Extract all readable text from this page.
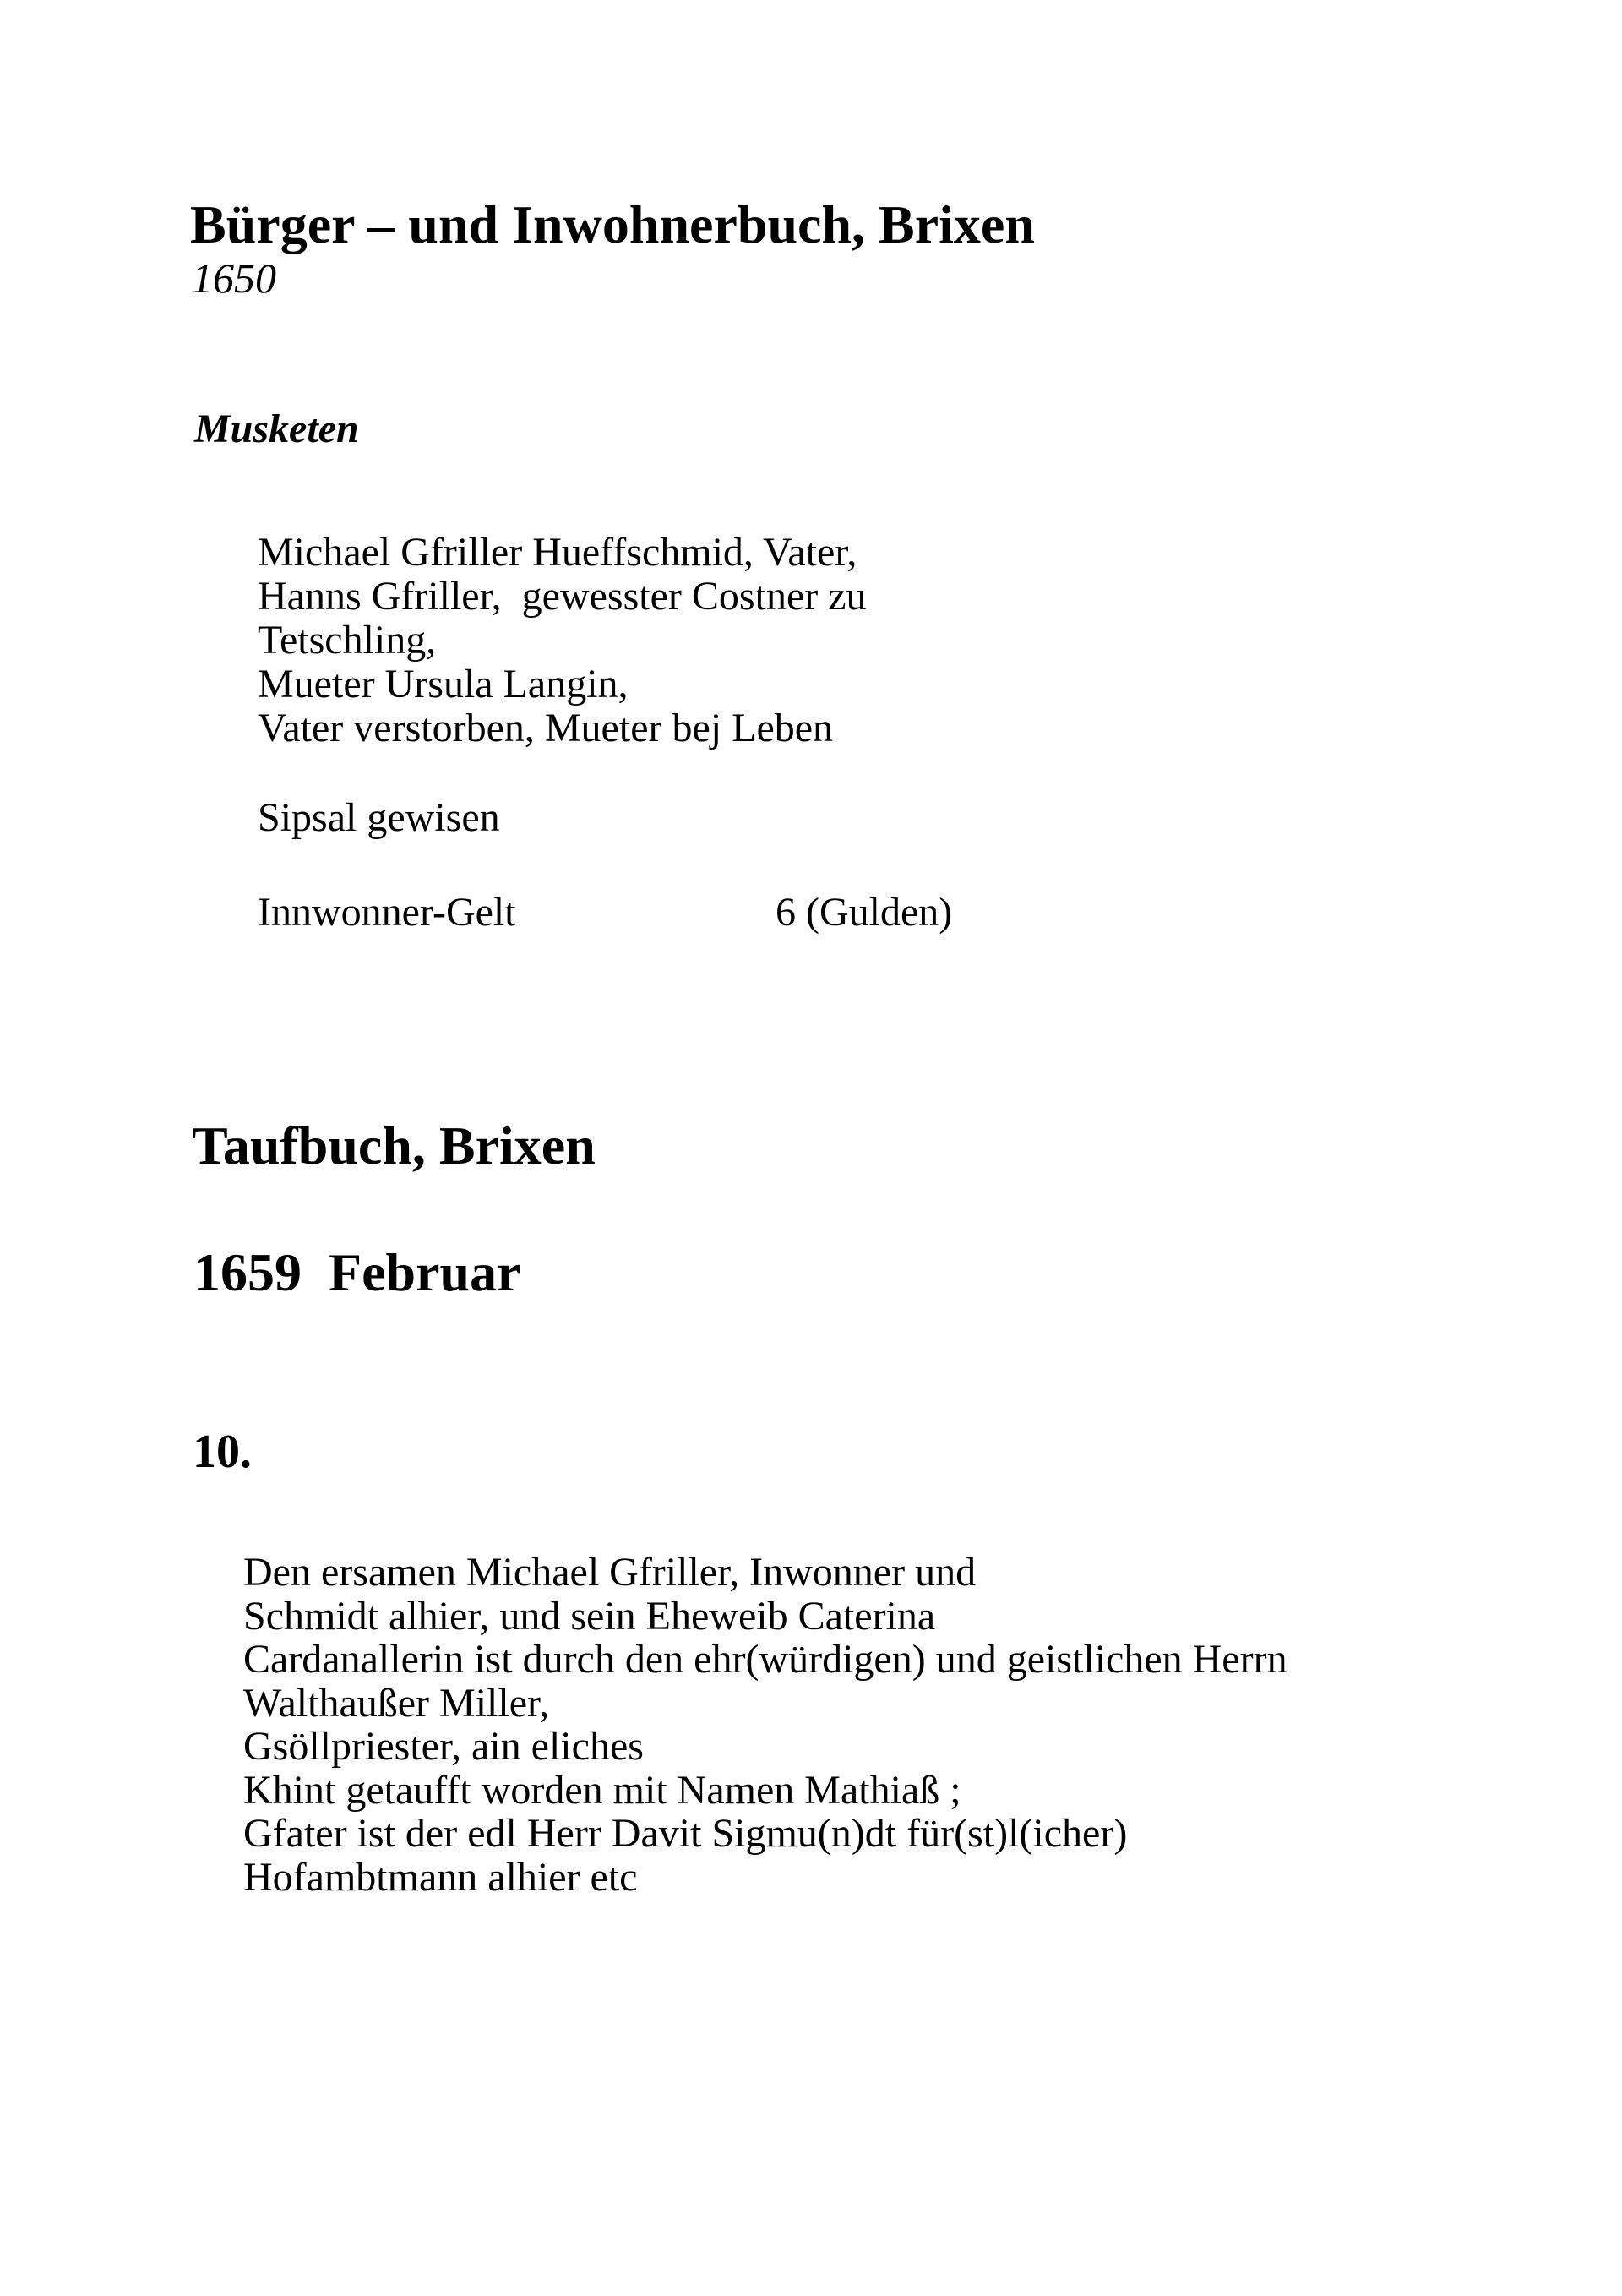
Bürger – und Inwohnerbuch, Brixen
1650
Musketen
Michael Gfriller Hueffschmid, Vater,
Hanns Gfriller,  gewesster Costner zu
Tetschling,
Mueter Ursula Langin,
Vater verstorben, Mueter bej Leben
Sipsal gewisen
Innwonner-Gelt	6 (Gulden)
Taufbuch, Brixen
1659  Februar
10.
Den ersamen Michael Gfriller, Inwonner und
Schmidt alhier, und sein Eheweib Caterina
Cardanallerin ist durch den ehr(würdigen) und geistlichen Herrn
Walthaußer Miller,
Gsöllpriester, ain eliches
Khint getaufft worden mit Namen Mathiaß ;
Gfater ist der edl Herr Davit Sigmu(n)dt für(st)l(icher)
Hofambtmann alhier etc
